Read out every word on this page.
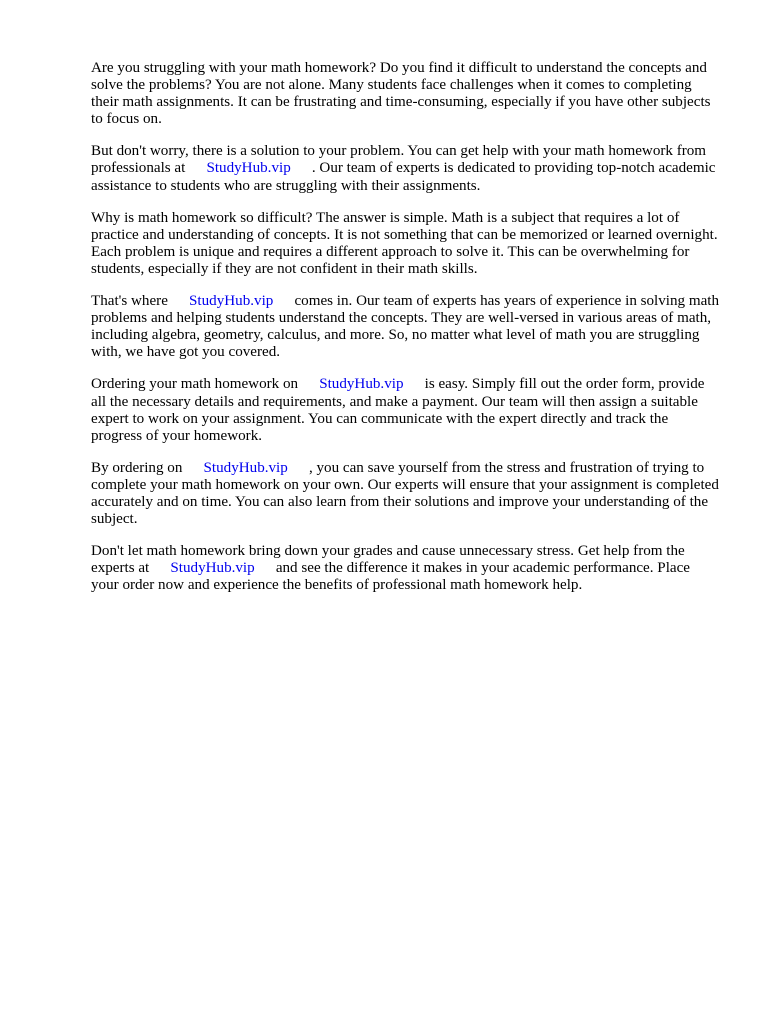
Are you struggling with your math homework? Do you find it difficult to understand the concepts and solve the problems? You are not alone. Many students face challenges when it comes to completing their math assignments. It can be frustrating and time-consuming, especially if you have other subjects to focus on.

But don't worry, there is a solution to your problem. You can get help with your math homework from professionals at StudyHub.vip . Our team of experts is dedicated to providing top-notch academic assistance to students who are struggling with their assignments.

Why is math homework so difficult? The answer is simple. Math is a subject that requires a lot of practice and understanding of concepts. It is not something that can be memorized or learned overnight. Each problem is unique and requires a different approach to solve it. This can be overwhelming for students, especially if they are not confident in their math skills.

That's where StudyHub.vip comes in. Our team of experts has years of experience in solving math problems and helping students understand the concepts. They are well-versed in various areas of math, including algebra, geometry, calculus, and more. So, no matter what level of math you are struggling with, we have got you covered.

Ordering your math homework on StudyHub.vip is easy. Simply fill out the order form, provide all the necessary details and requirements, and make a payment. Our team will then assign a suitable expert to work on your assignment. You can communicate with the expert directly and track the progress of your homework.

By ordering on StudyHub.vip , you can save yourself from the stress and frustration of trying to complete your math homework on your own. Our experts will ensure that your assignment is completed accurately and on time. You can also learn from their solutions and improve your understanding of the subject.

Don't let math homework bring down your grades and cause unnecessary stress. Get help from the experts at StudyHub.vip and see the difference it makes in your academic performance. Place your order now and experience the benefits of professional math homework help.
